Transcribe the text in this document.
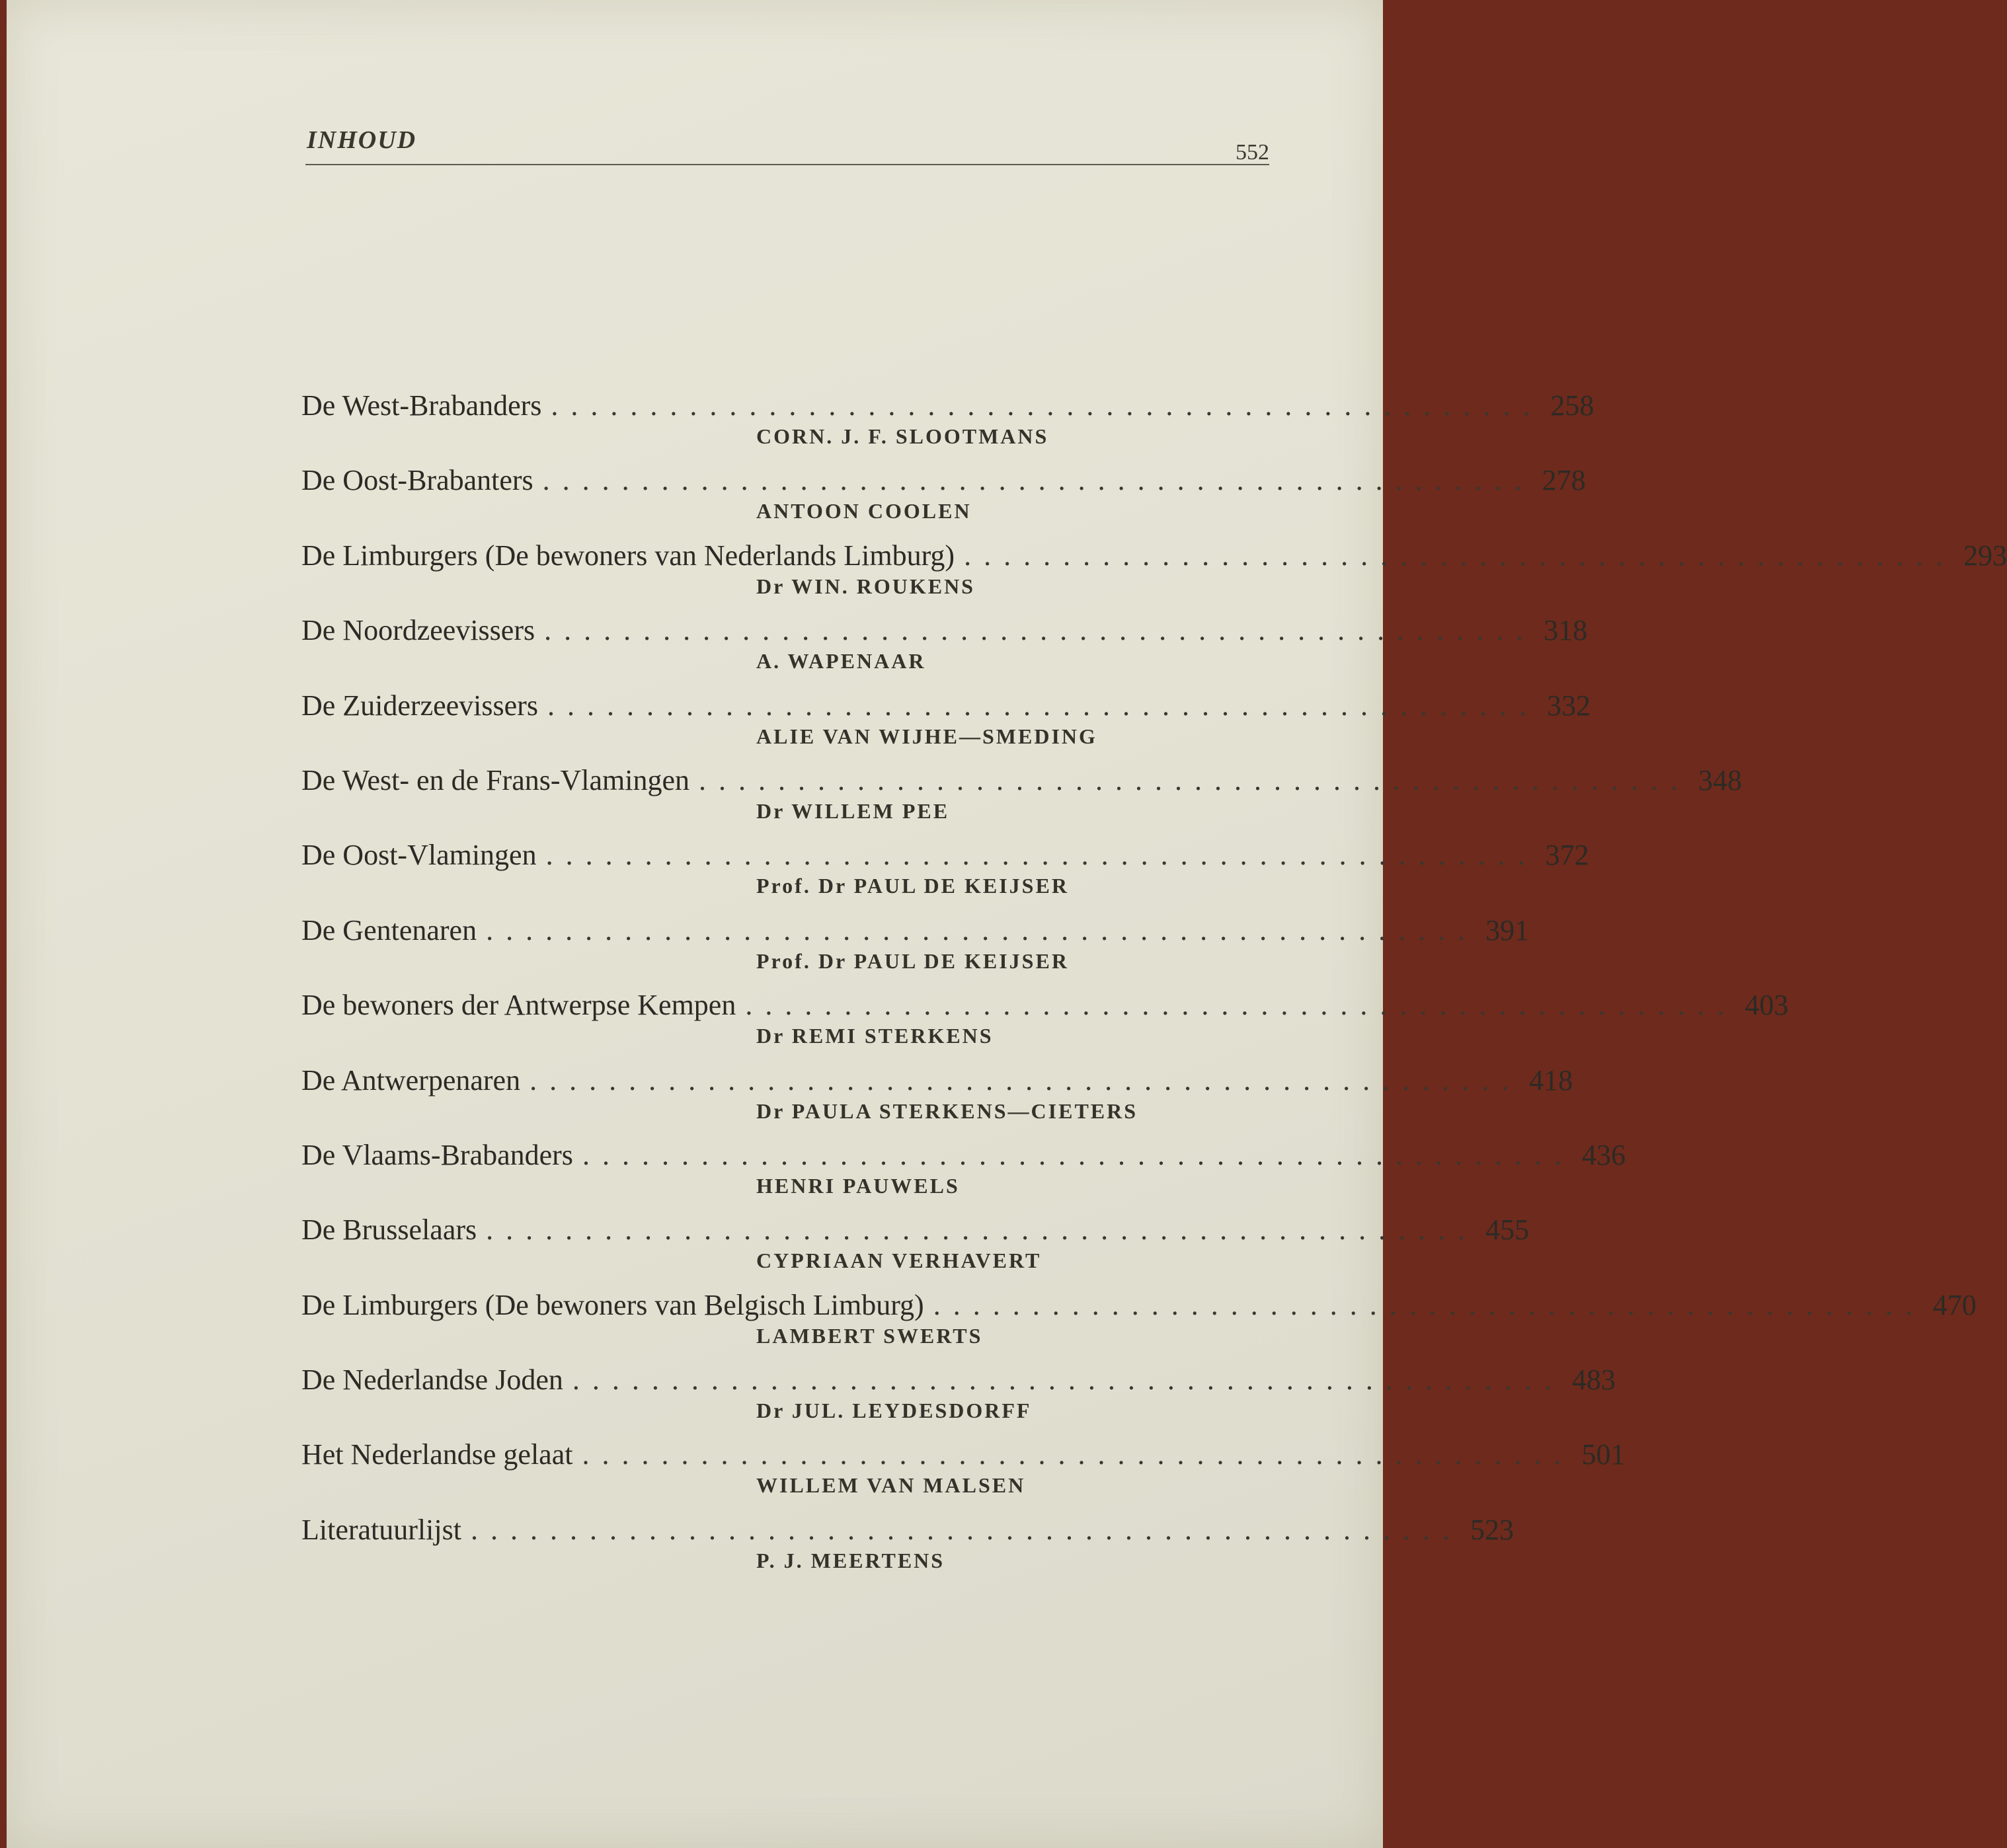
INHOUD	552
De West-Brabanders .................................................. 258
CORN. J. F. SLOOTMANS
De Oost-Brabanters .................................................. 278
ANTOON COOLEN
De Limburgers (De bewoners van Nederlands Limburg) .................................................. 293
Dr WIN. ROUKENS
De Noordzeevissers .................................................. 318
A. WAPENAAR
De Zuiderzeevissers .................................................. 332
ALIE VAN WIJHE—SMEDING
De West- en de Frans-Vlamingen .................................................. 348
Dr WILLEM PEE
De Oost-Vlamingen .................................................. 372
Prof. Dr PAUL DE KEIJSER
De Gentenaren .................................................. 391
Prof. Dr PAUL DE KEIJSER
De bewoners der Antwerpse Kempen .................................................. 403
Dr REMI STERKENS
De Antwerpenaren .................................................. 418
Dr PAULA STERKENS—CIETERS
De Vlaams-Brabanders .................................................. 436
HENRI PAUWELS
De Brusselaars .................................................. 455
CYPRIAAN VERHAVERT
De Limburgers (De bewoners van Belgisch Limburg) .................................................. 470
LAMBERT SWERTS
De Nederlandse Joden .................................................. 483
Dr JUL. LEYDESDORFF
Het Nederlandse gelaat .................................................. 501
WILLEM VAN MALSEN
Literatuurlijst .................................................. 523
P. J. MEERTENS
